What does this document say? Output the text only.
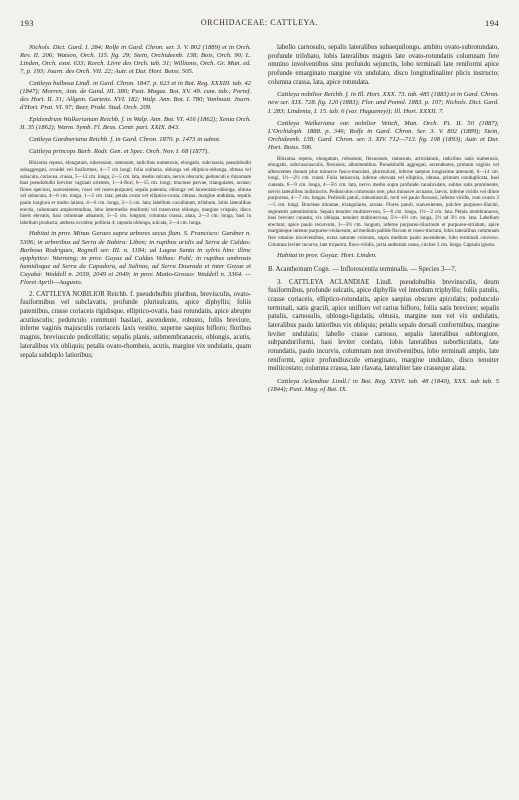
193	ORCHIDACEAE: CATTLEYA.	194

Nichols. Dict. Gard. I. 284; Rolfe in Gard. Chron. ser. 3. V. 802 (1889) et in Orch. Rev. II. 206; Watson, Orch. 115. fig. 29; Stein, Orchideenb. 138; Bois, Orch. 90; L. Linden, Orch. exot. 633; Kerch. Livre des Orch. tab. 31; Williams, Orch. Gr. Man. ed. 7, p. 193; Journ. des Orch. VII. 22; Autr. et Dur. Hort. Boiss. 505.

Cattleya bulbosa Lindl. in Gard. Chron. 1847. p. 623 et in Bot. Reg. XXXIII. tab. 42 (1847); Morren, Ann. de Gand. III. 380; Paxt. Magaz. Bot. XV. 49. cum. tab.; Portef. des Hort. II. 31; Allgem. Gartenz. XVI. 182; Walp. Ann. Bot. I. 780; Vanhoutt. Journ. d'Hort. Prat. VI. 97; Beer, Prakt. Stud. Orch. 209.

Epidendrum Walkerianum Reichb. f. in Walp. Ann. Bot. VI. 416 (1862); Xenia Orch. II. 35 (1862); Warm. Symb. Fl. Bras. Centr. part. XXIX. 843.

Cattleya Gardneriana Reichb. f. in Gard. Chron. 1870. p. 1473 in adnot.

Cattleya princeps Barb. Rodr. Gen. et Spec. Orch. Nov. I. 68 (1877).

Rhizoma repens, elongatum, tuberosum, ramosum, radicibus numerosis, elongatis, subcrassis; pseudobulbi subaggregati, ovoidei vel fusiformes, 4—7 cm longi; folia solitaria, oblonga vel elliptico-oblonga, obtusa vel subacuta, coriacea, crassa, 5—12 cm. longa, 2—5 cm. lata, medio sulcata, nervis obscuris; pedunculi e rhizomate basi pseudobulbi breviter vaginati orientes, 1—4-flori, 6—15 cm. longi; bracteae parvae, triangulares, acutae; flores speciosi, suaveolentes, rosei vel roseo-purpurei; sepala patentia, oblonga vel lanceolato-oblonga, obtusa vel subacuta, 4—6 cm. longa, 1—2 cm. lata; petala ovata vel elliptico-ovata, obtusa, margine undulata, sepalis paulo longiora et multo latiora, 4—6 cm. longa, 2—3 cm. lata; labellum cucullatum, trilobum, lobis lateralibus erectis, columnam amplectentibus, lobo intermedio reniformi vel transverse oblongo, margine crispulo, disco lineis elevatis, basi columnae adnatum, 3—5 cm. longum; columna crassa, alata, 2—3 cm. longa, basi in labellum producta; anthera ovoidea; pollinia 4; capsula oblonga, sulcata, 3—4 cm. longa.

Habitat in prov. Minas Geraes supra arbores secus flum. S. Francisco: Gardner n. 5306; in arboribus ad Serra de Itabira: Libon; in rupibus aridis ad Serra de Caldas: Barbosa Rodrigues, Regnell ser. III. n. 1184; ad Lagoa Santa in sylvis hinc illinc epiphytice: Warming; in prov. Goyaz ad Caldas Velhas: Pohl; in rupibus umbrosis humidisque ad Serra da Capadora, ad Salinas, ad Serra Dourada et inter Goyaz et Cayabá: Weddell n. 2039, 2049 et 2049; in prov. Matto-Grosso: Weddell n. 3364. — Floret Aprili—Augusto.

2. CATTLEYA NOBILIOR Reichb. f. pseudobulbis pluribus, brevisculis, ovato-fusiformibus vel subclavatis, profunde plurisulcatis, apice diphyllis; foliis patentibus, crasse coriaceis rigidisque, elliptico-ovatis, basi rotundatis, apice abrupte acutiusculis; pedunculo communi basilari, ascendente, robusto, foliis breviore, inferne vaginis majusculis coriaceis laxis vestito, superne saepius bifloro; floribus magnis, breviuscule pedicellatis; sepalis planis, submembranaceis, oblongis, acutis, lateralibus vix obliquis; petalis ovato-rhombeis, acutis, margine vix undulatis, quam sepala subduplo latioribus;

labello carnosulo, sepalis lateralibus subaequilongo, ambitu ovato-subrotundato, profunde trilobato, lobis lateralibus magnis late ovato-rotundatis columnam fere omnino involventibus sinu profundo sejunctis, lobo terminali late reniformi apice profunde emarginato margine vix undulato, disco longitudinaliter plicis instructo; columna crassa, lata, apice rotundata.

Cattleya nobilior Reichb. f. in Ill. Hort. XXX. 73. tab. 485 (1883) et in Gard. Chron. new ser. XIX. 728. fig. 120 (1883); Flor. and Pomol. 1883. p. 107; Nichols. Dict. Gard. I. 283; Lindenia, I. 15. tab. 6 (var. Hugueneyi); Ill. Hort. XXXII. 7.

Cattleya Walkeriana var. nobilior Veitch, Man. Orch. Pt. II. 50 (1887); L'Orchidoph. 1888. p. 346; Rolfe in Gard. Chron. Ser. 3. V. 802 (1889); Stein, Orchideenb. 138; Gard. Chron. ser. 3. XIV. 712—713. fig. 108 (1893); Autr. et Dur. Hort. Boiss. 506.

Rhizoma repens, elongatum, robustum, flexuosum, ramosum, articulatum, radicibus satis numerosis, elongatis, subcrassiusculis, flexuosis, albomentibus. Pseudobulbi aggregati, ascendentes, primum vaginis vel albescentes donum plus minusve fusco-maculati, plurisulcati, inferne saepius longissime attenuati, 6—14 cm. longi, 1½—2½ cm. crassi. Folia latiuscula, inferne obovata vel elliptica, obtusa, primum conduplicata, basi cuneata, 6—9 cm. longa, 4—5½ cm. lata, nervo medio supra profunde canaliculato, subtus satis prominente, nervis lateralibus indistinctis. Pedunculus communis tere, plus minusve arcuatus, laevis, inferne viridis vel dilute purpureus, 4—7 cm. longus. Pedicelli patuli, robustiusculi, recti vel paulo flexuosi, inferne viridis, cum ovario 3—5 cm. longi. Bracteae minutae, triangulares, acutae. Flores patuli, suaveolentes, pulchre purpureo-lilacini, segmentis patentissimis. Sepala tenuiter multinervosa, 5—6 cm. longa, 1½—2 cm. lata. Petala membranacea, basi breviter cuneata, vix obliqua, tenuiter multinervosa, 5½—6½ cm. longa, 2½ ad 3½ cm. lata. Labellum erectum; apice paulo recurvum, 3—3½ cm. longum, inferne purpureo-lilacinum et purpureo-striatum, apice margineque intense purpureo-violaceum, ad medium pallide flavum et roseo-tinctum, lobis lateralibus columnam fere omnino involventibus, extus saturate colorato, supra medium paulo ascendente, lobo terminali convexo. Columna leviter incurva, late triquetra, flavo-viridis, juxta antheram rosea, circiter 2 cm. longa. Capsula ignota.

Habitat in prov. Goyaz: Hort. Linden.

B. Acanthemum Cogn. — Inflorescentia terminalis. — Species 3—7.

3. CATTLEYA ACLANDIAE Lindl. pseudobulbis brevinsculis, deum fusiformibus, profunde sulcatis, apice diphyllis vel interdum triphyllis; foliis patulis, crasse coriaceis, elliptico-rotundatis, apice saepius obscure apiculatis; pedunculo terminali, satis gracili, apice unifloro vel rarius bifloro, foliis satis breviore; sepalis patulis, carnosulis, oblongo-ligulatis, obtusis, margine non vel vix undulatis, lateralibus paulo latioribus vix obliquis; petalis sepalo dorsali conformibus, margine leviter undulatis; labello crasse carnoso, sepalis lateralibus sublongiore, subpanduriformi, basi leviter cordato, lobis lateralibus suborbiculatis, late rotundatis, paulo incurvis, columnam non involventibus, lobo terminali amplo, late reniformi, apice profundiuscule emarginato, margine undulato, disco tenuiter multicostato; columna crassa, late clavata, lateraliter late crasseque alata.

Cattleya Aclandiae Lindl.! in Bot. Reg. XXVI. tab. 48 (1840), XXX. sub tab. 5 (1844); Paxt. Mag. of Bot. IX.
